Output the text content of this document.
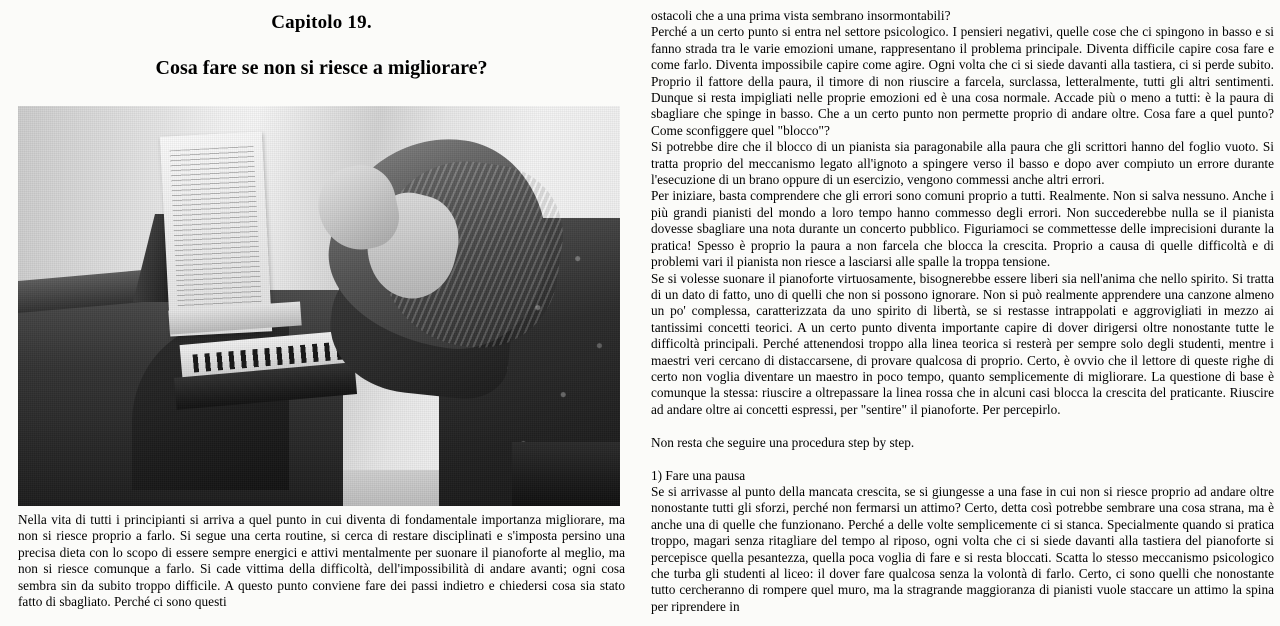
Capitolo 19.
Cosa fare se non si riesce a migliorare?
Nella vita di tutti i principianti si arriva a quel punto in cui diventa di fondamentale importanza migliorare, ma non si riesce proprio a farlo. Si segue una certa routine, si cerca di restare disciplinati e s'imposta persino una precisa dieta con lo scopo di essere sempre energici e attivi mentalmente per suonare il pianoforte al meglio, ma non si riesce comunque a farlo. Si cade vittima della difficoltà, dell'impossibilità di andare avanti; ogni cosa sembra sin da subito troppo difficile. A questo punto conviene fare dei passi indietro e chiedersi cosa sia stato fatto di sbagliato. Perché ci sono questi
ostacoli che a una prima vista sembrano insormontabili?
Perché a un certo punto si entra nel settore psicologico. I pensieri negativi, quelle cose che ci spingono in basso e si fanno strada tra le varie emozioni umane, rappresentano il problema principale. Diventa difficile capire cosa fare e come farlo. Diventa impossibile capire come agire. Ogni volta che ci si siede davanti alla tastiera, ci si perde subito. Proprio il fattore della paura, il timore di non riuscire a farcela, surclassa, letteralmente, tutti gli altri sentimenti. Dunque si resta impigliati nelle proprie emozioni ed è una cosa normale. Accade più o meno a tutti: è la paura di sbagliare che spinge in basso. Che a un certo punto non permette proprio di andare oltre. Cosa fare a quel punto? Come sconfiggere quel "blocco"?
Si potrebbe dire che il blocco di un pianista sia paragonabile alla paura che gli scrittori hanno del foglio vuoto. Si tratta proprio del meccanismo legato all'ignoto a spingere verso il basso e dopo aver compiuto un errore durante l'esecuzione di un brano oppure di un esercizio, vengono commessi anche altri errori.
Per iniziare, basta comprendere che gli errori sono comuni proprio a tutti. Realmente. Non si salva nessuno. Anche i più grandi pianisti del mondo a loro tempo hanno commesso degli errori. Non succederebbe nulla se il pianista dovesse sbagliare una nota durante un concerto pubblico. Figuriamoci se commettesse delle imprecisioni durante la pratica! Spesso è proprio la paura a non farcela che blocca la crescita. Proprio a causa di quelle difficoltà e di problemi vari il pianista non riesce a lasciarsi alle spalle la troppa tensione.
Se si volesse suonare il pianoforte virtuosamente, bisognerebbe essere liberi sia nell'anima che nello spirito. Si tratta di un dato di fatto, uno di quelli che non si possono ignorare. Non si può realmente apprendere una canzone almeno un po' complessa, caratterizzata da uno spirito di libertà, se si restasse intrappolati e aggrovigliati in mezzo ai tantissimi concetti teorici. A un certo punto diventa importante capire di dover dirigersi oltre nonostante tutte le difficoltà principali. Perché attenendosi troppo alla linea teorica si resterà per sempre solo degli studenti, mentre i maestri veri cercano di distaccarsene, di provare qualcosa di proprio. Certo, è ovvio che il lettore di queste righe di certo non voglia diventare un maestro in poco tempo, quanto semplicemente di migliorare. La questione di base è comunque la stessa: riuscire a oltrepassare la linea rossa che in alcuni casi blocca la crescita del praticante. Riuscire ad andare oltre ai concetti espressi, per "sentire" il pianoforte. Per percepirlo.
Non resta che seguire una procedura step by step.
1) Fare una pausa
Se si arrivasse al punto della mancata crescita, se si giungesse a una fase in cui non si riesce proprio ad andare oltre nonostante tutti gli sforzi, perché non fermarsi un attimo? Certo, detta così potrebbe sembrare una cosa strana, ma è anche una di quelle che funzionano. Perché a delle volte semplicemente ci si stanca. Specialmente quando si pratica troppo, magari senza ritagliare del tempo al riposo, ogni volta che ci si siede davanti alla tastiera del pianoforte si percepisce quella pesantezza, quella poca voglia di fare e si resta bloccati. Scatta lo stesso meccanismo psicologico che turba gli studenti al liceo: il dover fare qualcosa senza la volontà di farlo. Certo, ci sono quelli che nonostante tutto cercheranno di rompere quel muro, ma la stragrande maggioranza di pianisti vuole staccare un attimo la spina per riprendere in
